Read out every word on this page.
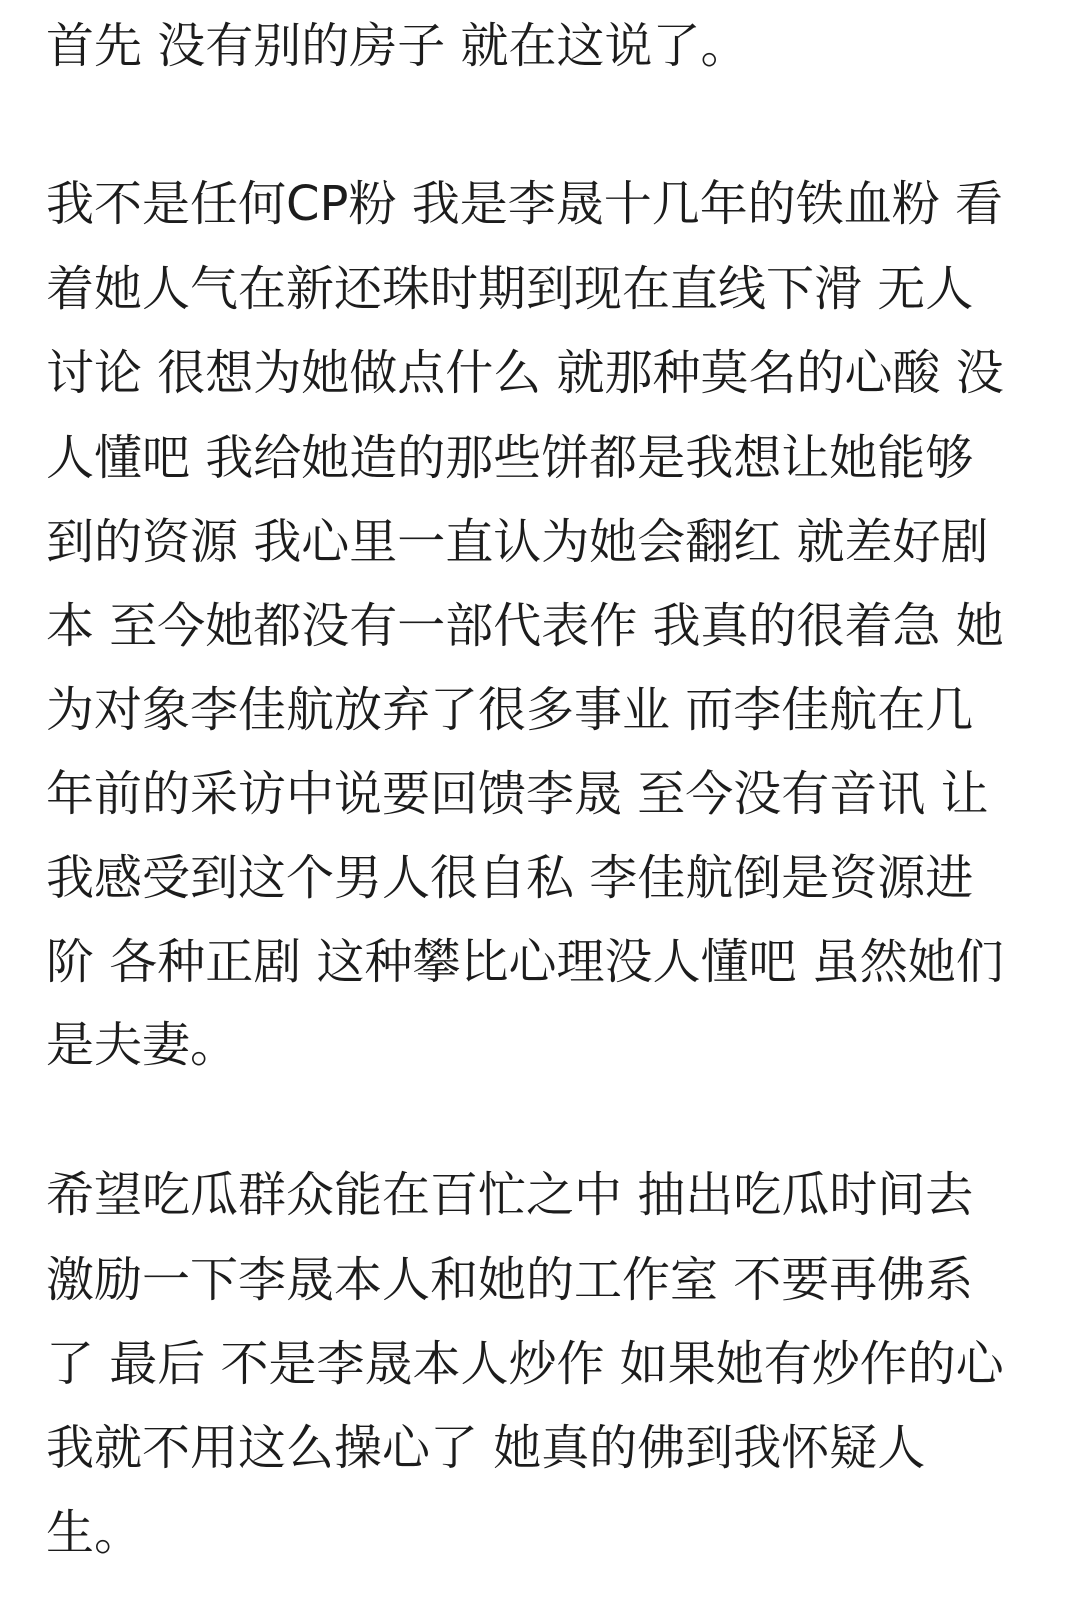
首先 没有别的房子 就在这说了。
我不是任何CP粉 我是李晟十几年的铁血粉 看
着她人气在新还珠时期到现在直线下滑 无人
讨论 很想为她做点什么 就那种莫名的心酸 没
人懂吧 我给她造的那些饼都是我想让她能够
到的资源 我心里一直认为她会翻红 就差好剧
本 至今她都没有一部代表作 我真的很着急 她
为对象李佳航放弃了很多事业 而李佳航在几
年前的采访中说要回馈李晟 至今没有音讯 让
我感受到这个男人很自私 李佳航倒是资源进
阶 各种正剧 这种攀比心理没人懂吧 虽然她们
是夫妻。
希望吃瓜群众能在百忙之中 抽出吃瓜时间去
激励一下李晟本人和她的工作室 不要再佛系
了 最后 不是李晟本人炒作 如果她有炒作的心
我就不用这么操心了 她真的佛到我怀疑人
生。
